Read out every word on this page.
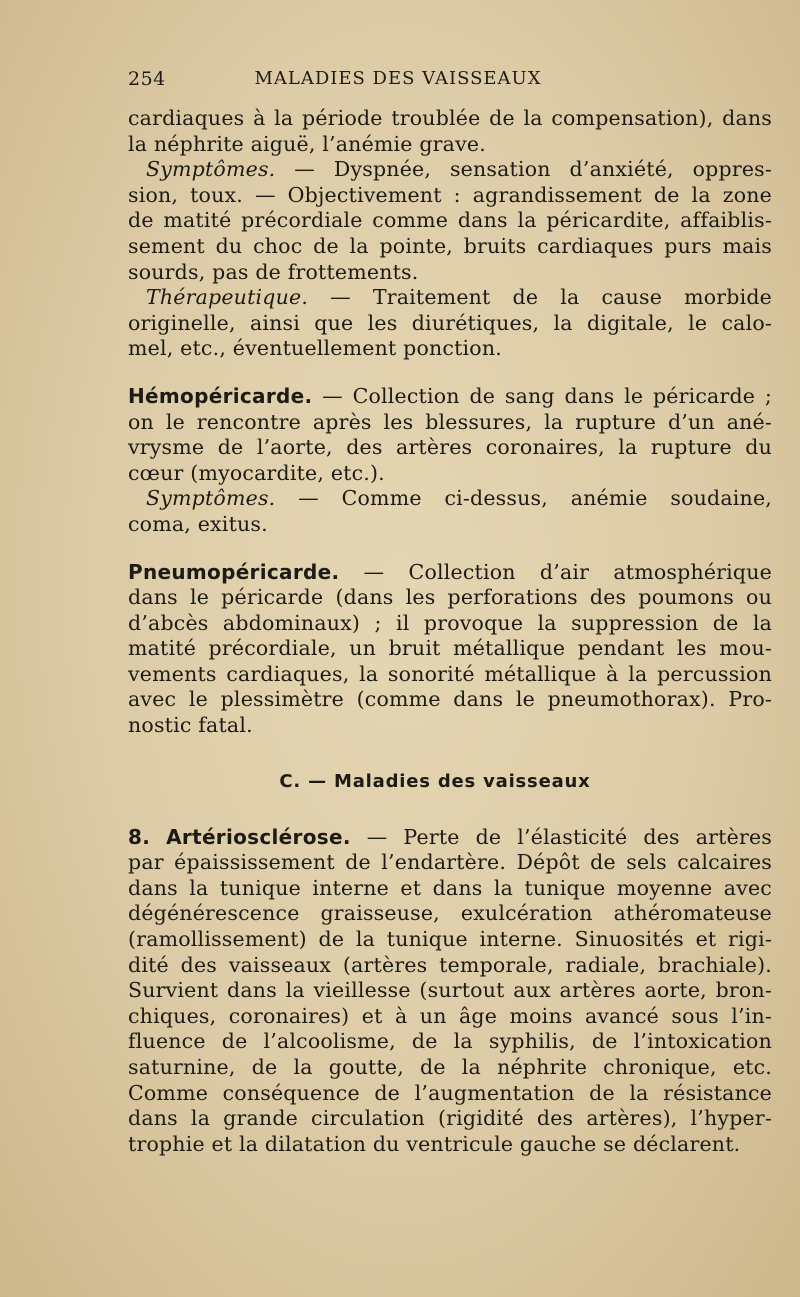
254	MALADIES DES VAISSEAUX
cardiaques à la période troublée de la compensation), dans
la néphrite aiguë, l’anémie grave.
Symptômes. — Dyspnée, sensation d’anxiété, oppres-
sion, toux. — Objectivement : agrandissement de la zone
de matité précordiale comme dans la péricardite, affaiblis-
sement du choc de la pointe, bruits cardiaques purs mais
sourds, pas de frottements.
Thérapeutique. — Traitement de la cause morbide
originelle, ainsi que les diurétiques, la digitale, le calo-
mel, etc., éventuellement ponction.
Hémopéricarde. — Collection de sang dans le péricarde ;
on le rencontre après les blessures, la rupture d’un ané-
vrysme de l’aorte, des artères coronaires, la rupture du
cœur (myocardite, etc.).
Symptômes. — Comme ci-dessus, anémie soudaine,
coma, exitus.
Pneumopéricarde. — Collection d’air atmosphérique
dans le péricarde (dans les perforations des poumons ou
d’abcès abdominaux) ; il provoque la suppression de la
matité précordiale, un bruit métallique pendant les mou-
vements cardiaques, la sonorité métallique à la percussion
avec le plessimètre (comme dans le pneumothorax). Pro-
nostic fatal.
C. — Maladies des vaisseaux
8. Artériosclérose. — Perte de l’élasticité des artères
par épaississement de l’endartère. Dépôt de sels calcaires
dans la tunique interne et dans la tunique moyenne avec
dégénérescence graisseuse, exulcération athéromateuse
(ramollissement) de la tunique interne. Sinuosités et rigi-
dité des vaisseaux (artères temporale, radiale, brachiale).
Survient dans la vieillesse (surtout aux artères aorte, bron-
chiques, coronaires) et à un âge moins avancé sous l’in-
fluence de l’alcoolisme, de la syphilis, de l’intoxication
saturnine, de la goutte, de la néphrite chronique, etc.
Comme conséquence de l’augmentation de la résistance
dans la grande circulation (rigidité des artères), l’hyper-
trophie et la dilatation du ventricule gauche se déclarent.
